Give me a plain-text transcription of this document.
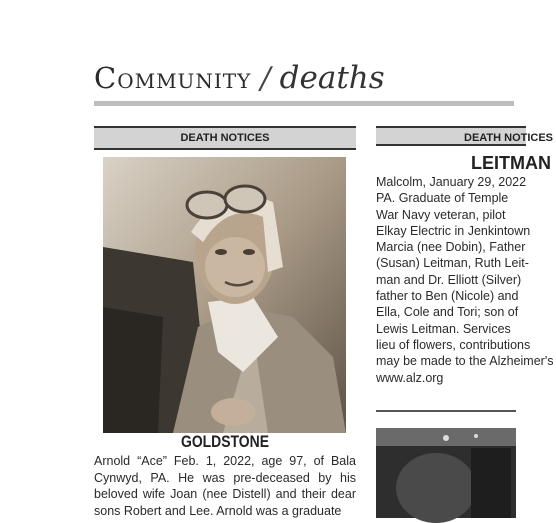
Community / deaths
DEATH NOTICES	DEATH NOTICES
GOLDSTONE
Arnold “Ace” Feb. 1, 2022, age 97, of Bala Cynwyd, PA. He was pre-deceased by his beloved wife Joan (nee Distell) and their dear sons Robert and Lee. Arnold was a graduate
LEITMAN
Malcolm, January 29, 2022
PA. Graduate of Temple
War Navy veteran, pilot
Elkay Electric in Jenkintown
Marcia (nee Dobin), Father
(Susan) Leitman, Ruth Leit-
man and Dr. Elliott (Silver)
father to Ben (Nicole) and
Ella, Cole and Tori; son of
Lewis Leitman. Services
lieu of flowers, contributions
may be made to the Alzheimer's
www.alz.org
